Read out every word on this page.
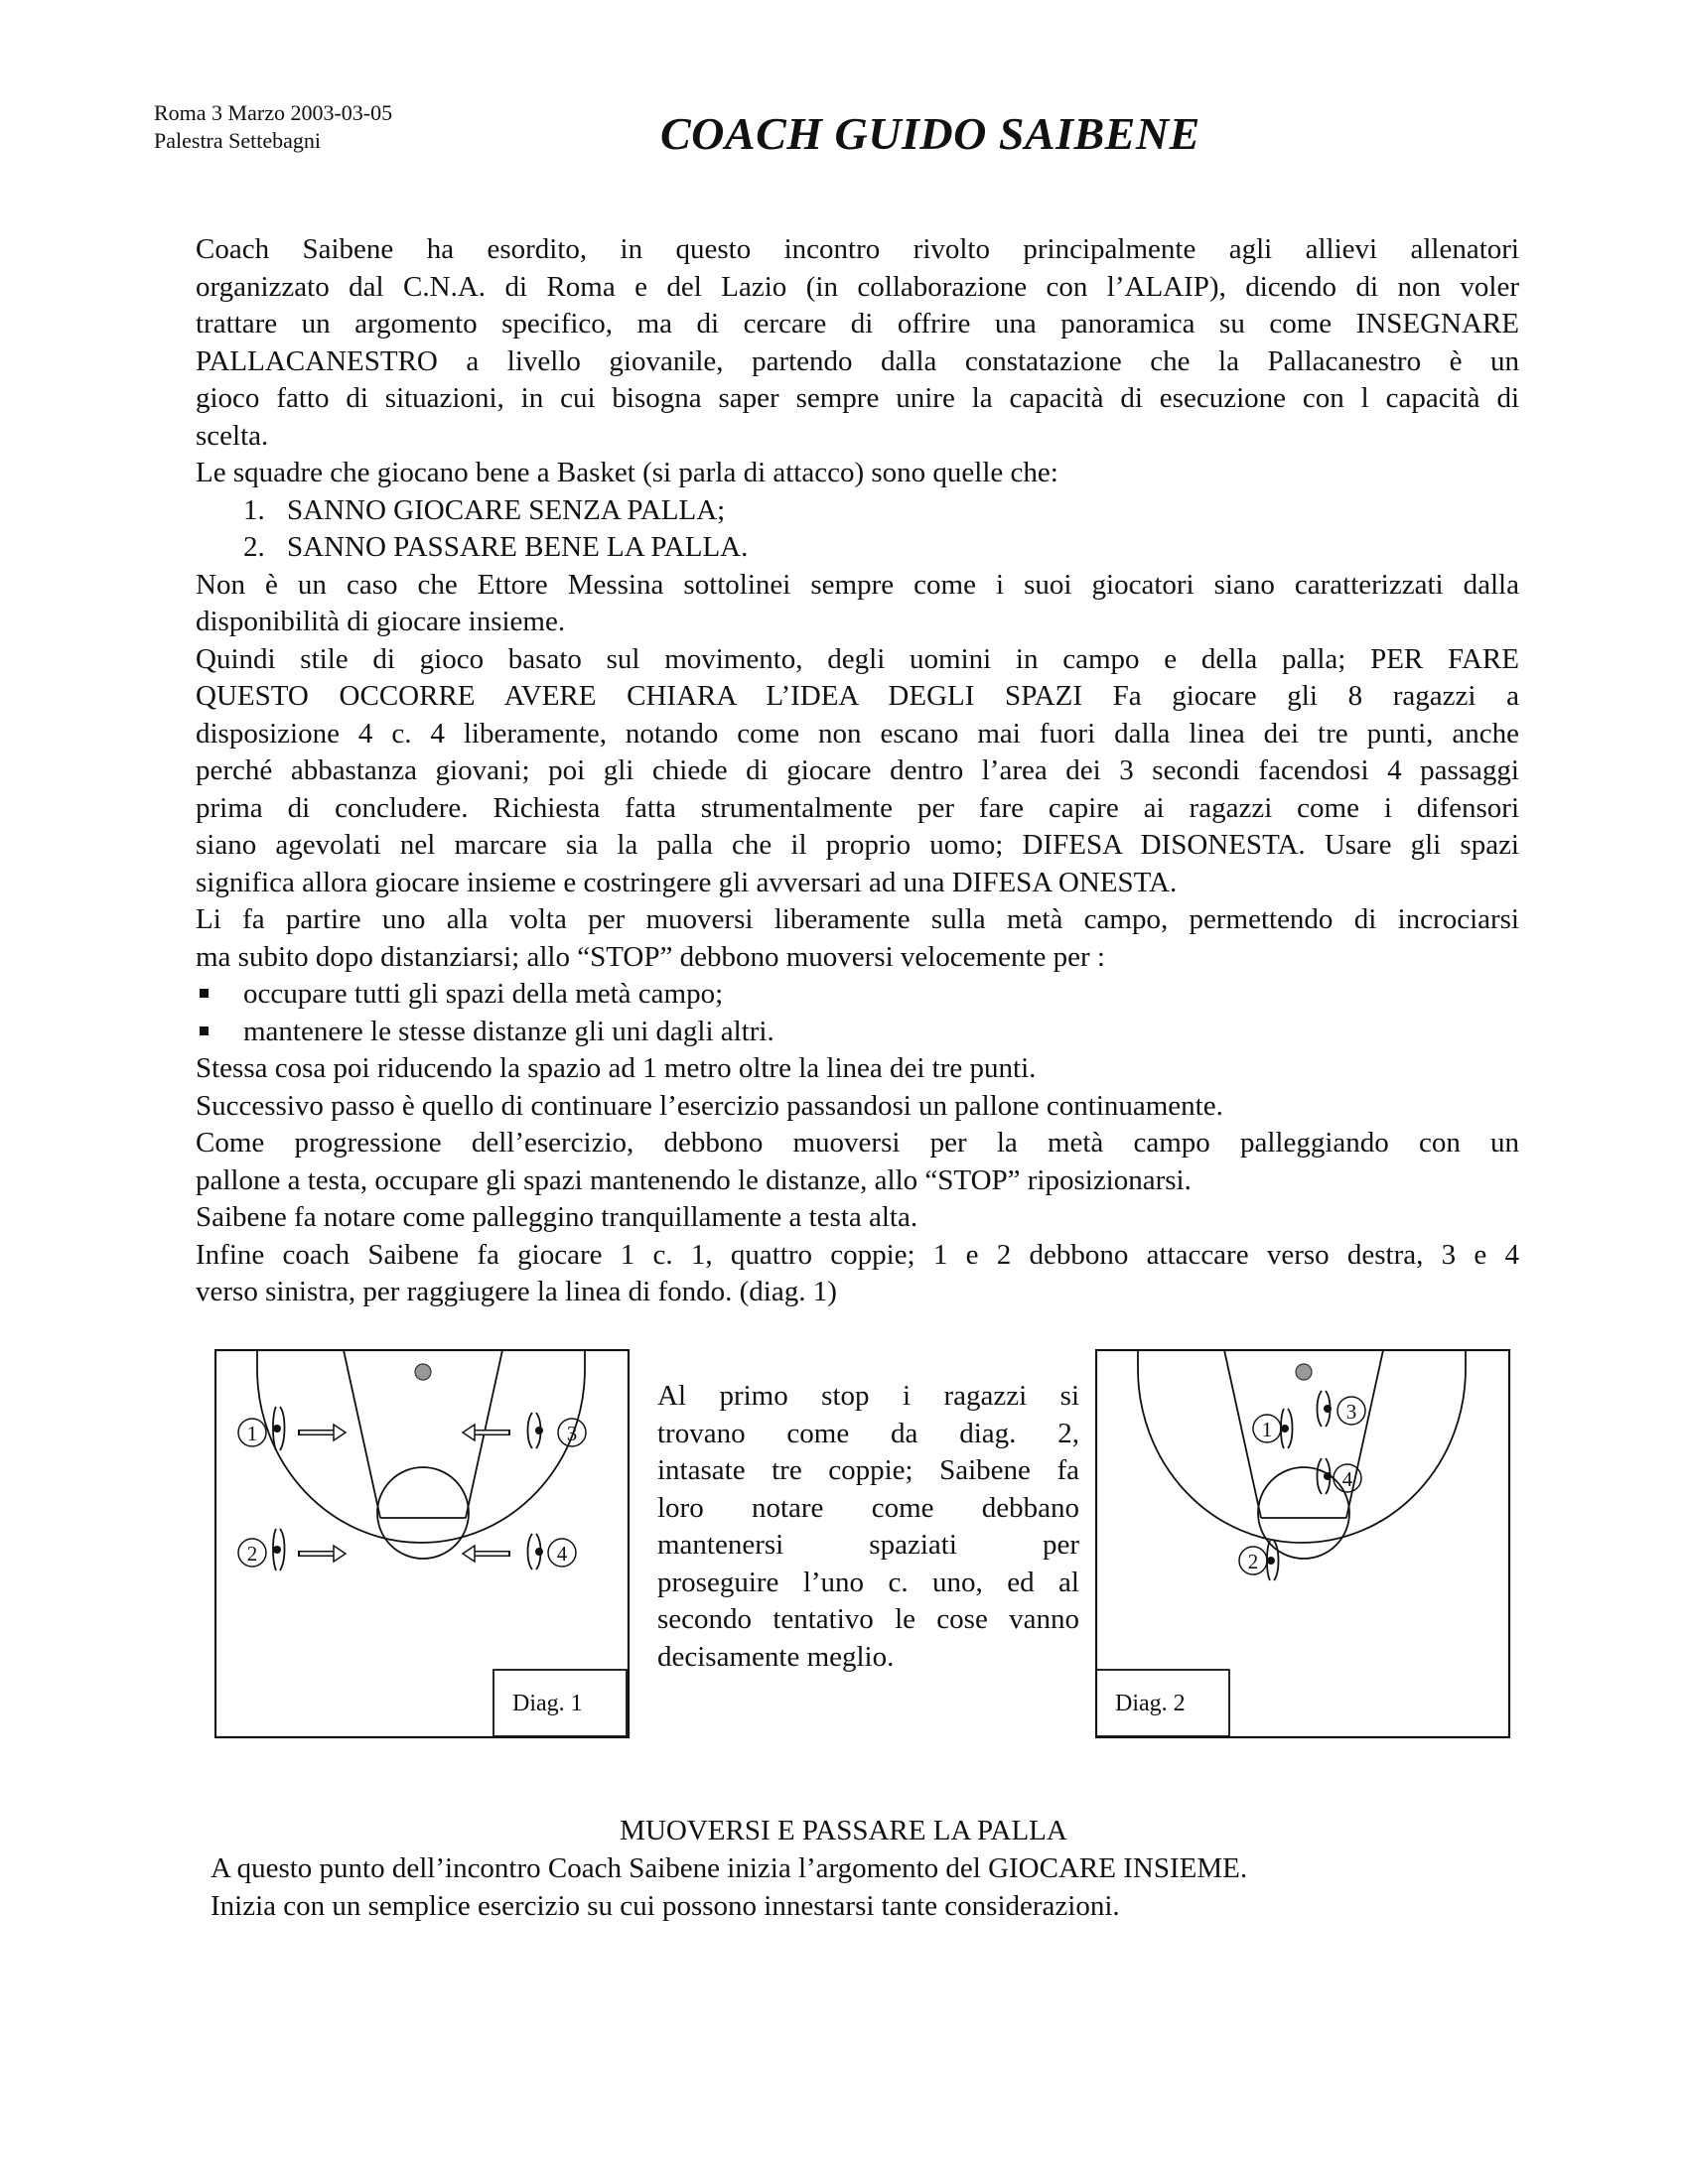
Roma 3 Marzo 2003-03-05
Palestra Settebagni	COACH GUIDO SAIBENE

Coach Saibene ha esordito, in questo incontro rivolto principalmente agli allievi allenatori

organizzato dal C.N.A. di Roma e del Lazio (in collaborazione con l’ALAIP), dicendo di non voler

trattare un argomento specifico, ma di cercare di offrire una panoramica su come INSEGNARE

PALLACANESTRO a livello giovanile, partendo dalla constatazione che la Pallacanestro è un

gioco fatto di situazioni, in cui bisogna saper sempre unire la capacità di esecuzione con l capacità di

scelta.

Le squadre che giocano bene a Basket (si parla di attacco) sono quelle che:

1. SANNO GIOCARE SENZA PALLA;

2. SANNO PASSARE BENE LA PALLA.

Non è un caso che Ettore Messina sottolinei sempre come i suoi giocatori siano caratterizzati dalla

disponibilità di giocare insieme.

Quindi stile di gioco basato sul movimento, degli uomini in campo e della palla; PER FARE

QUESTO OCCORRE AVERE CHIARA L’IDEA DEGLI SPAZI Fa giocare gli 8 ragazzi a

disposizione 4 c. 4 liberamente, notando come non escano mai fuori dalla linea dei tre punti, anche

perché abbastanza giovani; poi gli chiede di giocare dentro l’area dei 3 secondi facendosi 4 passaggi

prima di concludere. Richiesta fatta strumentalmente per fare capire ai ragazzi come i difensori

siano agevolati nel marcare sia la palla che il proprio uomo; DIFESA DISONESTA. Usare gli spazi

significa allora giocare insieme e costringere gli avversari ad una DIFESA ONESTA.

Li fa partire uno alla volta per muoversi liberamente sulla metà campo, permettendo di incrociarsi

ma subito dopo distanziarsi; allo “STOP” debbono muoversi velocemente per :

occupare tutti gli spazi della metà campo;

mantenere le stesse distanze gli uni dagli altri.

Stessa cosa poi riducendo la spazio ad 1 metro oltre la linea dei tre punti.

Successivo passo è quello di continuare l’esercizio passandosi un pallone continuamente.

Come progressione dell’esercizio, debbono muoversi per la metà campo palleggiando con un

pallone a testa, occupare gli spazi mantenendo le distanze, allo “STOP” riposizionarsi.

Saibene fa notare come palleggino tranquillamente a testa alta.

Infine coach Saibene fa giocare 1 c. 1, quattro coppie; 1 e 2 debbono attaccare verso destra, 3 e 4

verso sinistra, per raggiugere la linea di fondo. (diag. 1)

Diag. 1
1
2
3
4

Al primo stop i ragazzi si

trovano come da diag. 2,

intasate tre coppie; Saibene fa

loro notare come debbano

mantenersi spaziati per

proseguire l’uno c. uno, ed al

secondo tentativo le cose vanno

decisamente meglio.

Diag. 2
1
3
4
2
MUOVERSI E PASSARE LA PALLA

A questo punto dell’incontro Coach Saibene inizia l’argomento del GIOCARE INSIEME.

Inizia con un semplice esercizio su cui possono innestarsi tante considerazioni.
